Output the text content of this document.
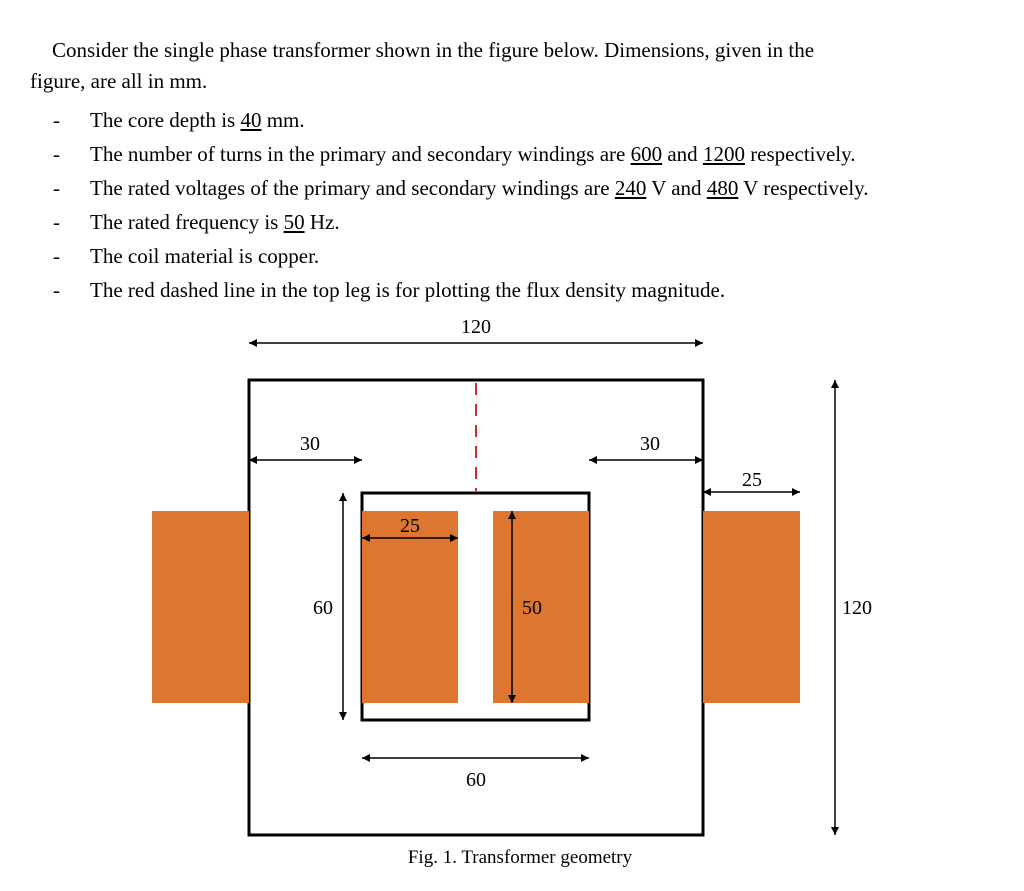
Consider the single phase transformer shown in the figure below. Dimensions, given in the
figure, are all in mm.

- The core depth is 40 mm.
- The number of turns in the primary and secondary windings are 600 and 1200 respectively.
- The rated voltages of the primary and secondary windings are 240 V and 480 V respectively.
- The rated frequency is 50 Hz.
- The coil material is copper.
- The red dashed line in the top leg is for plotting the flux density magnitude.
120
30	30
25
25
60	50
60
120
Fig. 1. Transformer geometry
